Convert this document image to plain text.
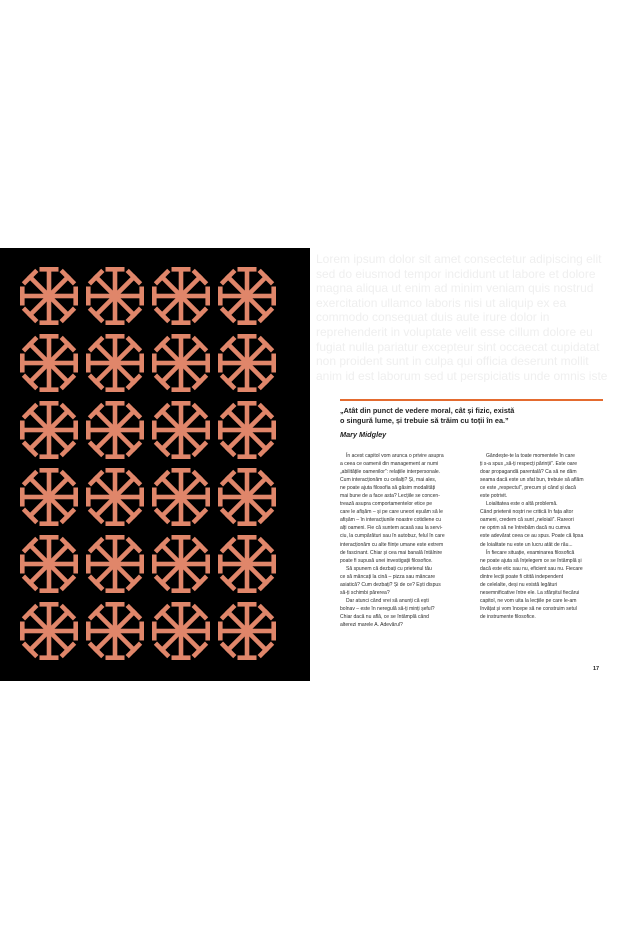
Lorem ipsum dolor sit amet consectetur adipiscing elit sed do eiusmod tempor incididunt ut labore et dolore magna aliqua ut enim ad minim veniam quis nostrud exercitation ullamco laboris nisi ut aliquip ex ea commodo consequat duis aute irure dolor in reprehenderit in voluptate velit esse cillum dolore eu fugiat nulla pariatur excepteur sint occaecat cupidatat non proident sunt in culpa qui officia deserunt mollit anim id est laborum sed ut perspiciatis unde omnis iste
„Atât din punct de vedere moral, cât și fizic, există
o singură lume, și trebuie să trăim cu toții în ea.”
Mary Midgley
În acest capitol vom arunca o privire asupra
a ceea ce oamenii din management ar numi
„abilitățile oamenilor”: relațiile interpersonale.
Cum interacționăm cu ceilalți? Și, mai ales,
ne poate ajuta filosofia să găsim modalități
mai bune de a face asta? Lecțiile se concen-
trează asupra comportamentelor etice pe
care le afișăm – și pe care uneori eșuăm să le
afișăm – în interacțiunile noastre cotidiene cu
alți oameni. Fie că suntem acasă sau la servi-
ciu, la cumpărături sau în autobuz, felul în care
interacționăm cu alte ființe umane este extrem
de fascinant. Chiar și cea mai banală întâlnire
poate fi supusă unei investigații filosofice.
Să spunem că dezbați cu prietenul tău
ce să mâncați la cină – pizza sau mâncare
asiatică? Cum dezbați? Și de ce? Ești dispus
să-ți schimbi părerea?
Dar atunci când vrei să anunți că ești
bolnav – este în neregulă să-ți minți șeful?
Chiar dacă nu află, ce se întâmplă când
alterezi marele A. Adevărul?
Gândește-te la toate momentele în care
ți s-a spus „să-ți respecți părinții”. Este oare
doar propagandă parentală? Ca să ne dăm
seama dacă este un sfat bun, trebuie să aflăm
ce este „respectul”, precum și când și dacă
este potrivit.
Loialitatea este o altă problemă.
Când prietenii noștri ne critică în fața altor
oameni, credem că sunt „neloiali”. Rareori
ne oprim să ne întrebăm dacă nu cumva
este adevărat ceea ce au spus. Poate că lipsa
de loialitate nu este un lucru atât de rău...
În fiecare situație, examinarea filosofică
ne poate ajuta să înțelegem ce se întâmplă și
dacă este etic sau nu, eficient sau nu. Fiecare
dintre lecții poate fi citită independent
de celelalte, deși nu există legături
nesemnificative între ele. La sfârșitul fiecărui
capitol, ne vom uita la lecțiile pe care le-am
învățat și vom începe să ne construim setul
de instrumente filosofice.
17
